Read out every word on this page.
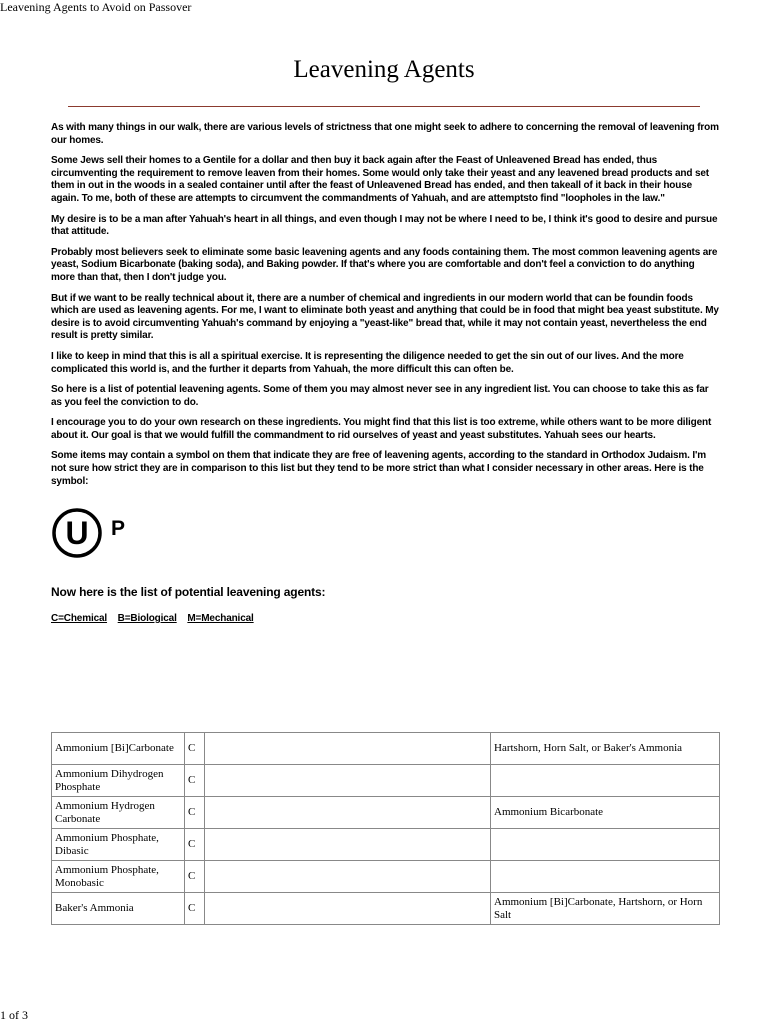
Leavening Agents to Avoid on Passover
Leavening Agents

As with many things in our walk, there are various levels of strictness that one might seek to adhere to concerning the removal of leavening from our homes.

Some Jews sell their homes to a Gentile for a dollar and then buy it back again after the Feast of Unleavened Bread has ended, thus circumventing the requirement to remove leaven from their homes. Some would only take their yeast and any leavened bread products and set them in out in the woods in a sealed container until after the feast of Unleavened Bread has ended, and then takeall of it back in their house again. To me, both of these are attempts to circumvent the commandments of Yahuah, and are attemptsto find "loopholes in the law."

My desire is to be a man after Yahuah's heart in all things, and even though I may not be where I need to be, I think it's good to desire and pursue that attitude.

Probably most believers seek to eliminate some basic leavening agents and any foods containing them. The most common leavening agents are yeast, Sodium Bicarbonate (baking soda), and Baking powder. If that's where you are comfortable and don't feel a conviction to do anything more than that, then I don't judge you.

But if we want to be really technical about it, there are a number of chemical and ingredients in our modern world that can be foundin foods which are used as leavening agents. For me, I want to eliminate both yeast and anything that could be in food that might bea yeast substitute. My desire is to avoid circumventing Yahuah's command by enjoying a "yeast-like" bread that, while it may not contain yeast, nevertheless the end result is pretty similar.

I like to keep in mind that this is all a spiritual exercise. It is representing the diligence needed to get the sin out of our lives. And the more complicated this world is, and the further it departs from Yahuah, the more difficult this can often be.

So here is a list of potential leavening agents. Some of them you may almost never see in any ingredient list. You can choose to take this as far as you feel the conviction to do.

I encourage you to do your own research on these ingredients. You might find that this list is too extreme, while others want to be more diligent about it. Our goal is that we would fulfill the commandment to rid ourselves of yeast and yeast substitutes. Yahuah sees our hearts.

Some items may contain a symbol on them that indicate they are free of leavening agents, according to the standard in Orthodox Judaism. I'm not sure how strict they are in comparison to this list but they tend to be more strict than what I consider necessary in other areas. Here is the symbol:

U P
Now here is the list of potential leavening agents:
C=Chemical B=Biological M=Mechanical
Ammonium [Bi]Carbonate	C		Hartshorn, Horn Salt, or Baker's Ammonia
Ammonium Dihydrogen Phosphate	C		
Ammonium Hydrogen Carbonate	C		Ammonium Bicarbonate
Ammonium Phosphate, Dibasic	C		
Ammonium Phosphate, Monobasic	C		
Baker's Ammonia	C		Ammonium [Bi]Carbonate, Hartshorn, or Horn Salt
1 of 3
